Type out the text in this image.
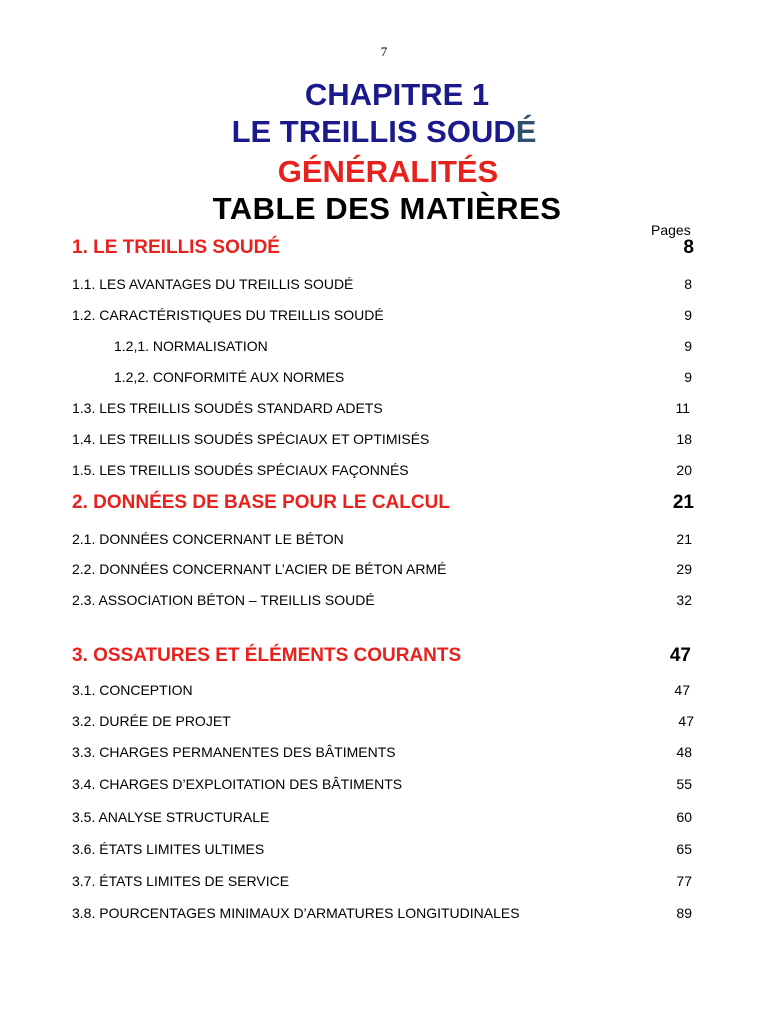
7
CHAPITRE 1
LE TREILLIS SOUDÉ
GÉNÉRALITÉS
TABLE DES MATIÈRES
Pages
1. LE TREILLIS SOUDÉ	8
1.1. LES AVANTAGES DU TREILLIS SOUDÉ	8
1.2. CARACTÉRISTIQUES DU TREILLIS SOUDÉ	9
1.2,1. NORMALISATION	9
1.2,2. CONFORMITÉ AUX NORMES	9
1.3. LES TREILLIS SOUDÉS STANDARD ADETS	11
1.4. LES TREILLIS SOUDÉS SPÉCIAUX ET OPTIMISÉS	18
1.5. LES TREILLIS SOUDÉS SPÉCIAUX FAÇONNÉS	20
2. DONNÉES DE BASE POUR LE CALCUL	21
2.1. DONNÉES CONCERNANT LE BÉTON	21
2.2. DONNÉES CONCERNANT L’ACIER DE BÉTON ARMÉ	29
2.3. ASSOCIATION BÉTON – TREILLIS SOUDÉ	32
3. OSSATURES ET ÉLÉMENTS COURANTS	47
3.1. CONCEPTION	47
3.2. DURÉE DE PROJET	47
3.3. CHARGES PERMANENTES DES BÂTIMENTS	48
3.4. CHARGES D’EXPLOITATION DES BÂTIMENTS	55
3.5. ANALYSE STRUCTURALE	60
3.6. ÉTATS LIMITES ULTIMES	65
3.7. ÉTATS LIMITES DE SERVICE	77
3.8. POURCENTAGES MINIMAUX D’ARMATURES LONGITUDINALES	89
